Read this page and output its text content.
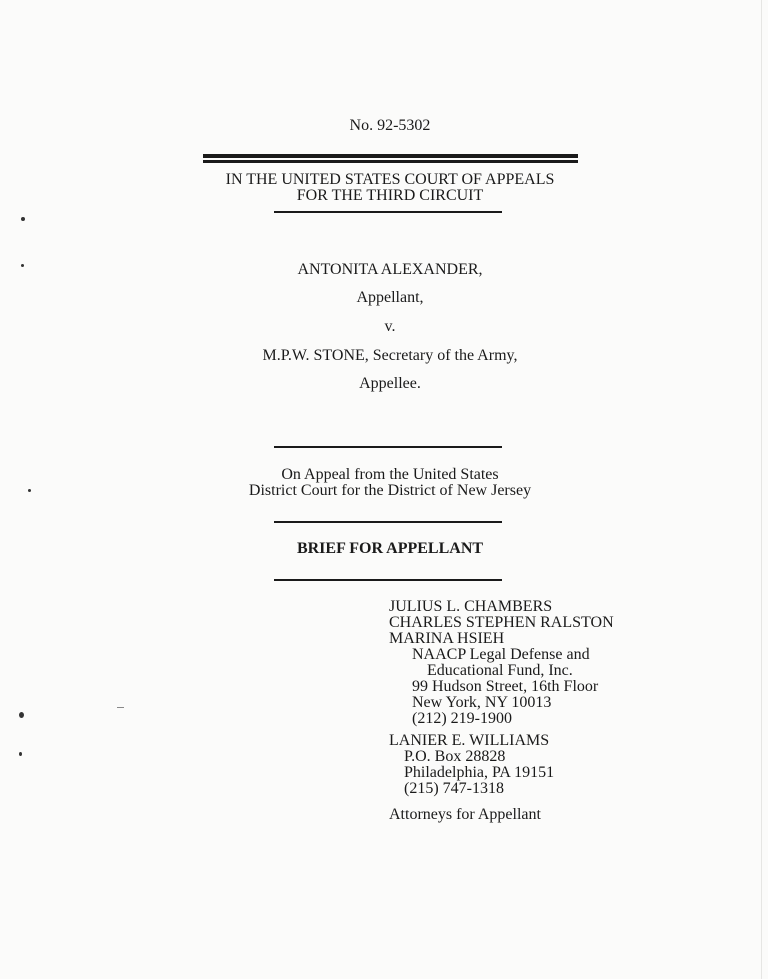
No. 92-5302
IN THE UNITED STATES COURT OF APPEALS
FOR THE THIRD CIRCUIT
ANTONITA ALEXANDER,
Appellant,
v.
M.P.W. STONE, Secretary of the Army,
Appellee.
On Appeal from the United States
District Court for the District of New Jersey
BRIEF FOR APPELLANT
JULIUS L. CHAMBERS
CHARLES STEPHEN RALSTON
MARINA HSIEH
NAACP Legal Defense and
Educational Fund, Inc.
99 Hudson Street, 16th Floor
New York, NY 10013
(212) 219-1900
LANIER E. WILLIAMS
P.O. Box 28828
Philadelphia, PA 19151
(215) 747-1318
Attorneys for Appellant
